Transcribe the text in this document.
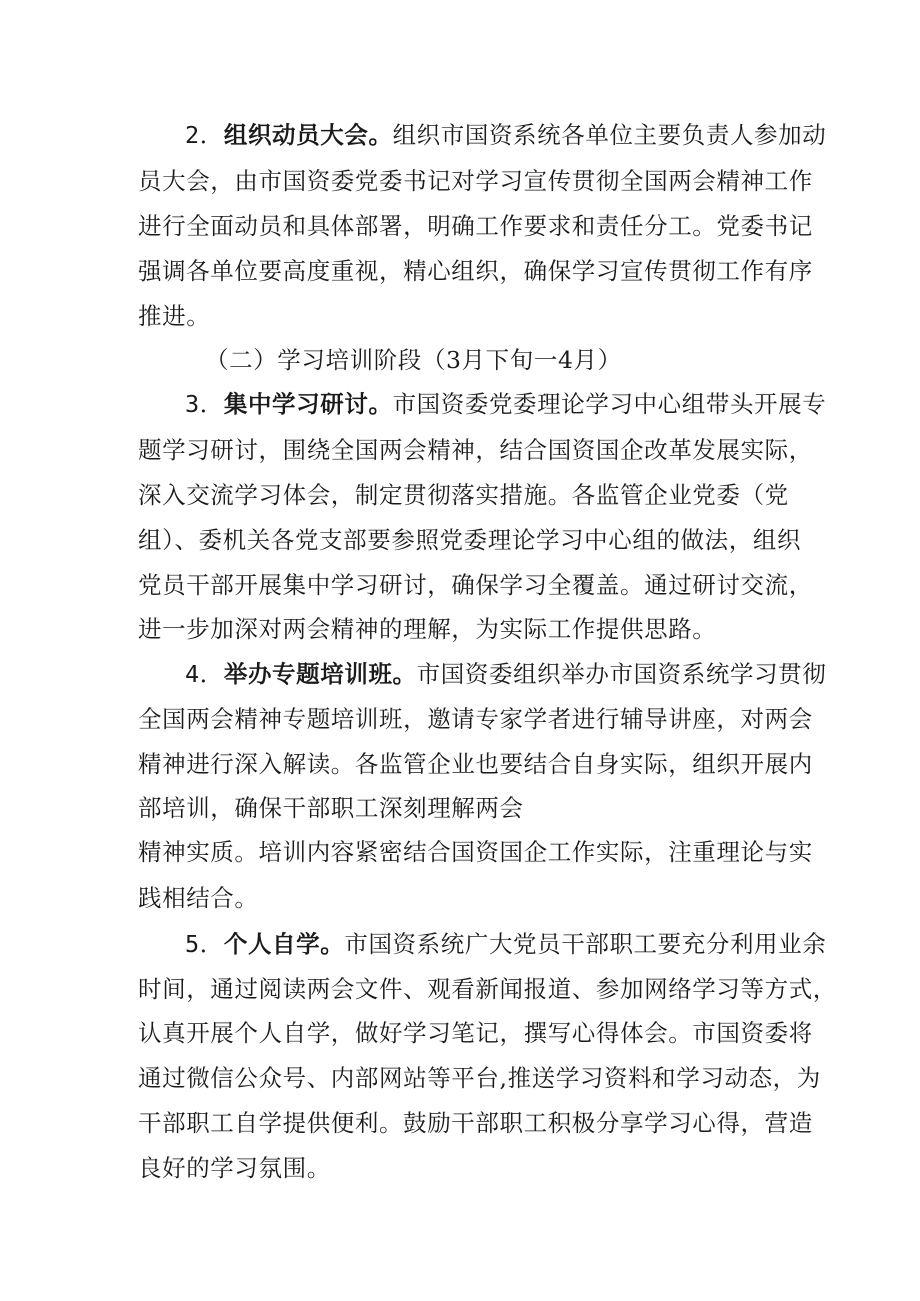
2．组织动员大会。组织市国资系统各单位主要负责人参加动
员大会，由市国资委党委书记对学习宣传贯彻全国两会精神工作
进行全面动员和具体部署，明确工作要求和责任分工。党委书记
强调各单位要高度重视，精心组织，确保学习宣传贯彻工作有序
推进。
（二）学习培训阶段（3月下旬一4月）
3．集中学习研讨。市国资委党委理论学习中心组带头开展专
题学习研讨，围绕全国两会精神，结合国资国企改革发展实际，
深入交流学习体会，制定贯彻落实措施。各监管企业党委（党
组）、委机关各党支部要参照党委理论学习中心组的做法，组织
党员干部开展集中学习研讨，确保学习全覆盖。通过研讨交流，
进一步加深对两会精神的理解，为实际工作提供思路。
4．举办专题培训班。市国资委组织举办市国资系统学习贯彻
全国两会精神专题培训班，邀请专家学者进行辅导讲座，对两会
精神进行深入解读。各监管企业也要结合自身实际，组织开展内
部培训，确保干部职工深刻理解两会
精神实质。培训内容紧密结合国资国企工作实际，注重理论与实
践相结合。
5．个人自学。市国资系统广大党员干部职工要充分利用业余
时间，通过阅读两会文件、观看新闻报道、参加网络学习等方式，
认真开展个人自学，做好学习笔记，撰写心得体会。市国资委将
通过微信公众号、内部网站等平台,推送学习资料和学习动态，为
干部职工自学提供便利。鼓励干部职工积极分享学习心得，营造
良好的学习氛围。
